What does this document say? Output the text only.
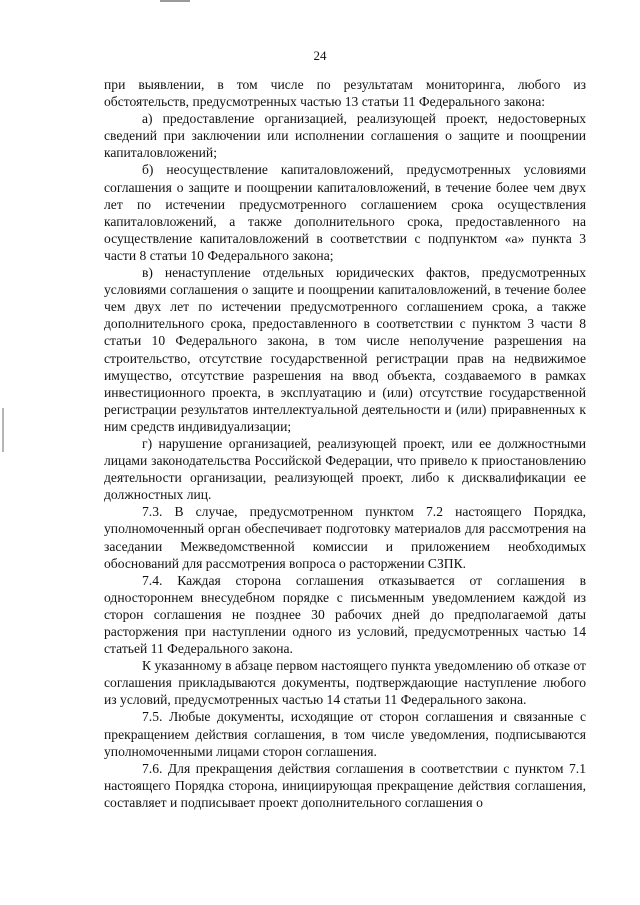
24

при выявлении, в том числе по результатам мониторинга, любого из обстоятельств, предусмотренных частью 13 статьи 11 Федерального закона:

а) предоставление организацией, реализующей проект, недостоверных сведений при заключении или исполнении соглашения о защите и поощрении капиталовложений;

б) неосуществление капиталовложений, предусмотренных условиями соглашения о защите и поощрении капиталовложений, в течение более чем двух лет по истечении предусмотренного соглашением срока осуществления капиталовложений, а также дополнительного срока, предоставленного на осуществление капиталовложений в соответствии с подпунктом «а» пункта 3 части 8 статьи 10 Федерального закона;

в) ненаступление отдельных юридических фактов, предусмотренных условиями соглашения о защите и поощрении капиталовложений, в течение более чем двух лет по истечении предусмотренного соглашением срока, а также дополнительного срока, предоставленного в соответствии с пунктом 3 части 8 статьи 10 Федерального закона, в том числе неполучение разрешения на строительство, отсутствие государственной регистрации прав на недвижимое имущество, отсутствие разрешения на ввод объекта, создаваемого в рамках инвестиционного проекта, в эксплуатацию и (или) отсутствие государственной регистрации результатов интеллектуальной деятельности и (или) приравненных к ним средств индивидуализации;

г) нарушение организацией, реализующей проект, или ее должностными лицами законодательства Российской Федерации, что привело к приостановлению деятельности организации, реализующей проект, либо к дисквалификации ее должностных лиц.

7.3. В случае, предусмотренном пунктом 7.2 настоящего Порядка, уполномоченный орган обеспечивает подготовку материалов для рассмотрения на заседании Межведомственной комиссии и приложением необходимых обоснований для рассмотрения вопроса о расторжении СЗПК.

7.4. Каждая сторона соглашения отказывается от соглашения в одностороннем внесудебном порядке с письменным уведомлением каждой из сторон соглашения не позднее 30 рабочих дней до предполагаемой даты расторжения при наступлении одного из условий, предусмотренных частью 14 статьей 11 Федерального закона.

К указанному в абзаце первом настоящего пункта уведомлению об отказе от соглашения прикладываются документы, подтверждающие наступление любого из условий, предусмотренных частью 14 статьи 11 Федерального закона.

7.5. Любые документы, исходящие от сторон соглашения и связанные с прекращением действия соглашения, в том числе уведомления, подписываются уполномоченными лицами сторон соглашения.

7.6. Для прекращения действия соглашения в соответствии с пунктом 7.1 настоящего Порядка сторона, инициирующая прекращение действия соглашения, составляет и подписывает проект дополнительного соглашения о
